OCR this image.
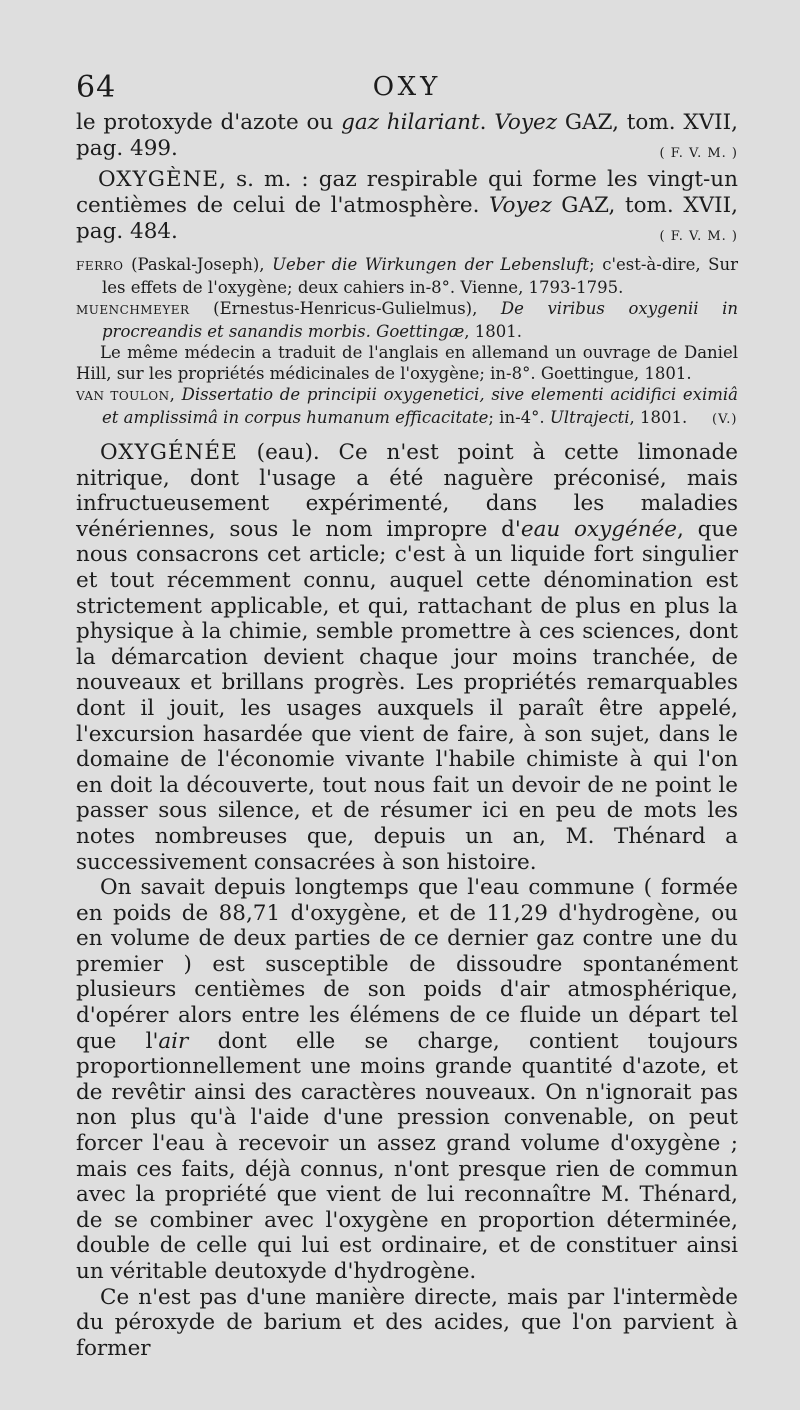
64	OXY

le protoxyde d'azote ou gaz hilariant. Voyez GAZ, tom. XVII, pag. 499.	( F. V. M. )

OXYGÈNE, s. m. : gaz respirable qui forme les vingt-un centièmes de celui de l'atmosphère. Voyez GAZ, tom. XVII, pag. 484.	( F. V. M. )

FERRO (Paskal-Joseph), Ueber die Wirkungen der Lebensluft; c'est-à-dire, Sur les effets de l'oxygène; deux cahiers in-8°. Vienne, 1793-1795.

MUENCHMEYER (Ernestus-Henricus-Gulielmus), De viribus oxygenii in procreandis et sanandis morbis. Goettingæ, 1801.

Le même médecin a traduit de l'anglais en allemand un ouvrage de Daniel Hill, sur les propriétés médicinales de l'oxygène; in-8°. Goettingue, 1801.

VAN TOULON, Dissertatio de principii oxygenetici, sive elementi acidifici eximiâ et amplissimâ in corpus humanum efficacitate; in-4°. Ultrajecti, 1801. (V.)

OXYGÉNÉE (eau). Ce n'est point à cette limonade nitrique, dont l'usage a été naguère préconisé, mais infructueusement expérimenté, dans les maladies vénériennes, sous le nom impropre d'eau oxygénée, que nous consacrons cet article; c'est à un liquide fort singulier et tout récemment connu, auquel cette dénomination est strictement applicable, et qui, rattachant de plus en plus la physique à la chimie, semble promettre à ces sciences, dont la démarcation devient chaque jour moins tranchée, de nouveaux et brillans progrès. Les propriétés remarquables dont il jouit, les usages auxquels il paraît être appelé, l'excursion hasardée que vient de faire, à son sujet, dans le domaine de l'économie vivante l'habile chimiste à qui l'on en doit la découverte, tout nous fait un devoir de ne point le passer sous silence, et de résumer ici en peu de mots les notes nombreuses que, depuis un an, M. Thénard a successivement consacrées à son histoire.

On savait depuis longtemps que l'eau commune ( formée en poids de 88,71 d'oxygène, et de 11,29 d'hydrogène, ou en volume de deux parties de ce dernier gaz contre une du premier ) est susceptible de dissoudre spontanément plusieurs centièmes de son poids d'air atmosphérique, d'opérer alors entre les élémens de ce fluide un départ tel que l'air dont elle se charge, contient toujours proportionnellement une moins grande quantité d'azote, et de revêtir ainsi des caractères nouveaux. On n'ignorait pas non plus qu'à l'aide d'une pression convenable, on peut forcer l'eau à recevoir un assez grand volume d'oxygène ; mais ces faits, déjà connus, n'ont presque rien de commun avec la propriété que vient de lui reconnaître M. Thénard, de se combiner avec l'oxygène en proportion déterminée, double de celle qui lui est ordinaire, et de constituer ainsi un véritable deutoxyde d'hydrogène.

Ce n'est pas d'une manière directe, mais par l'intermède du péroxyde de barium et des acides, que l'on parvient à former
